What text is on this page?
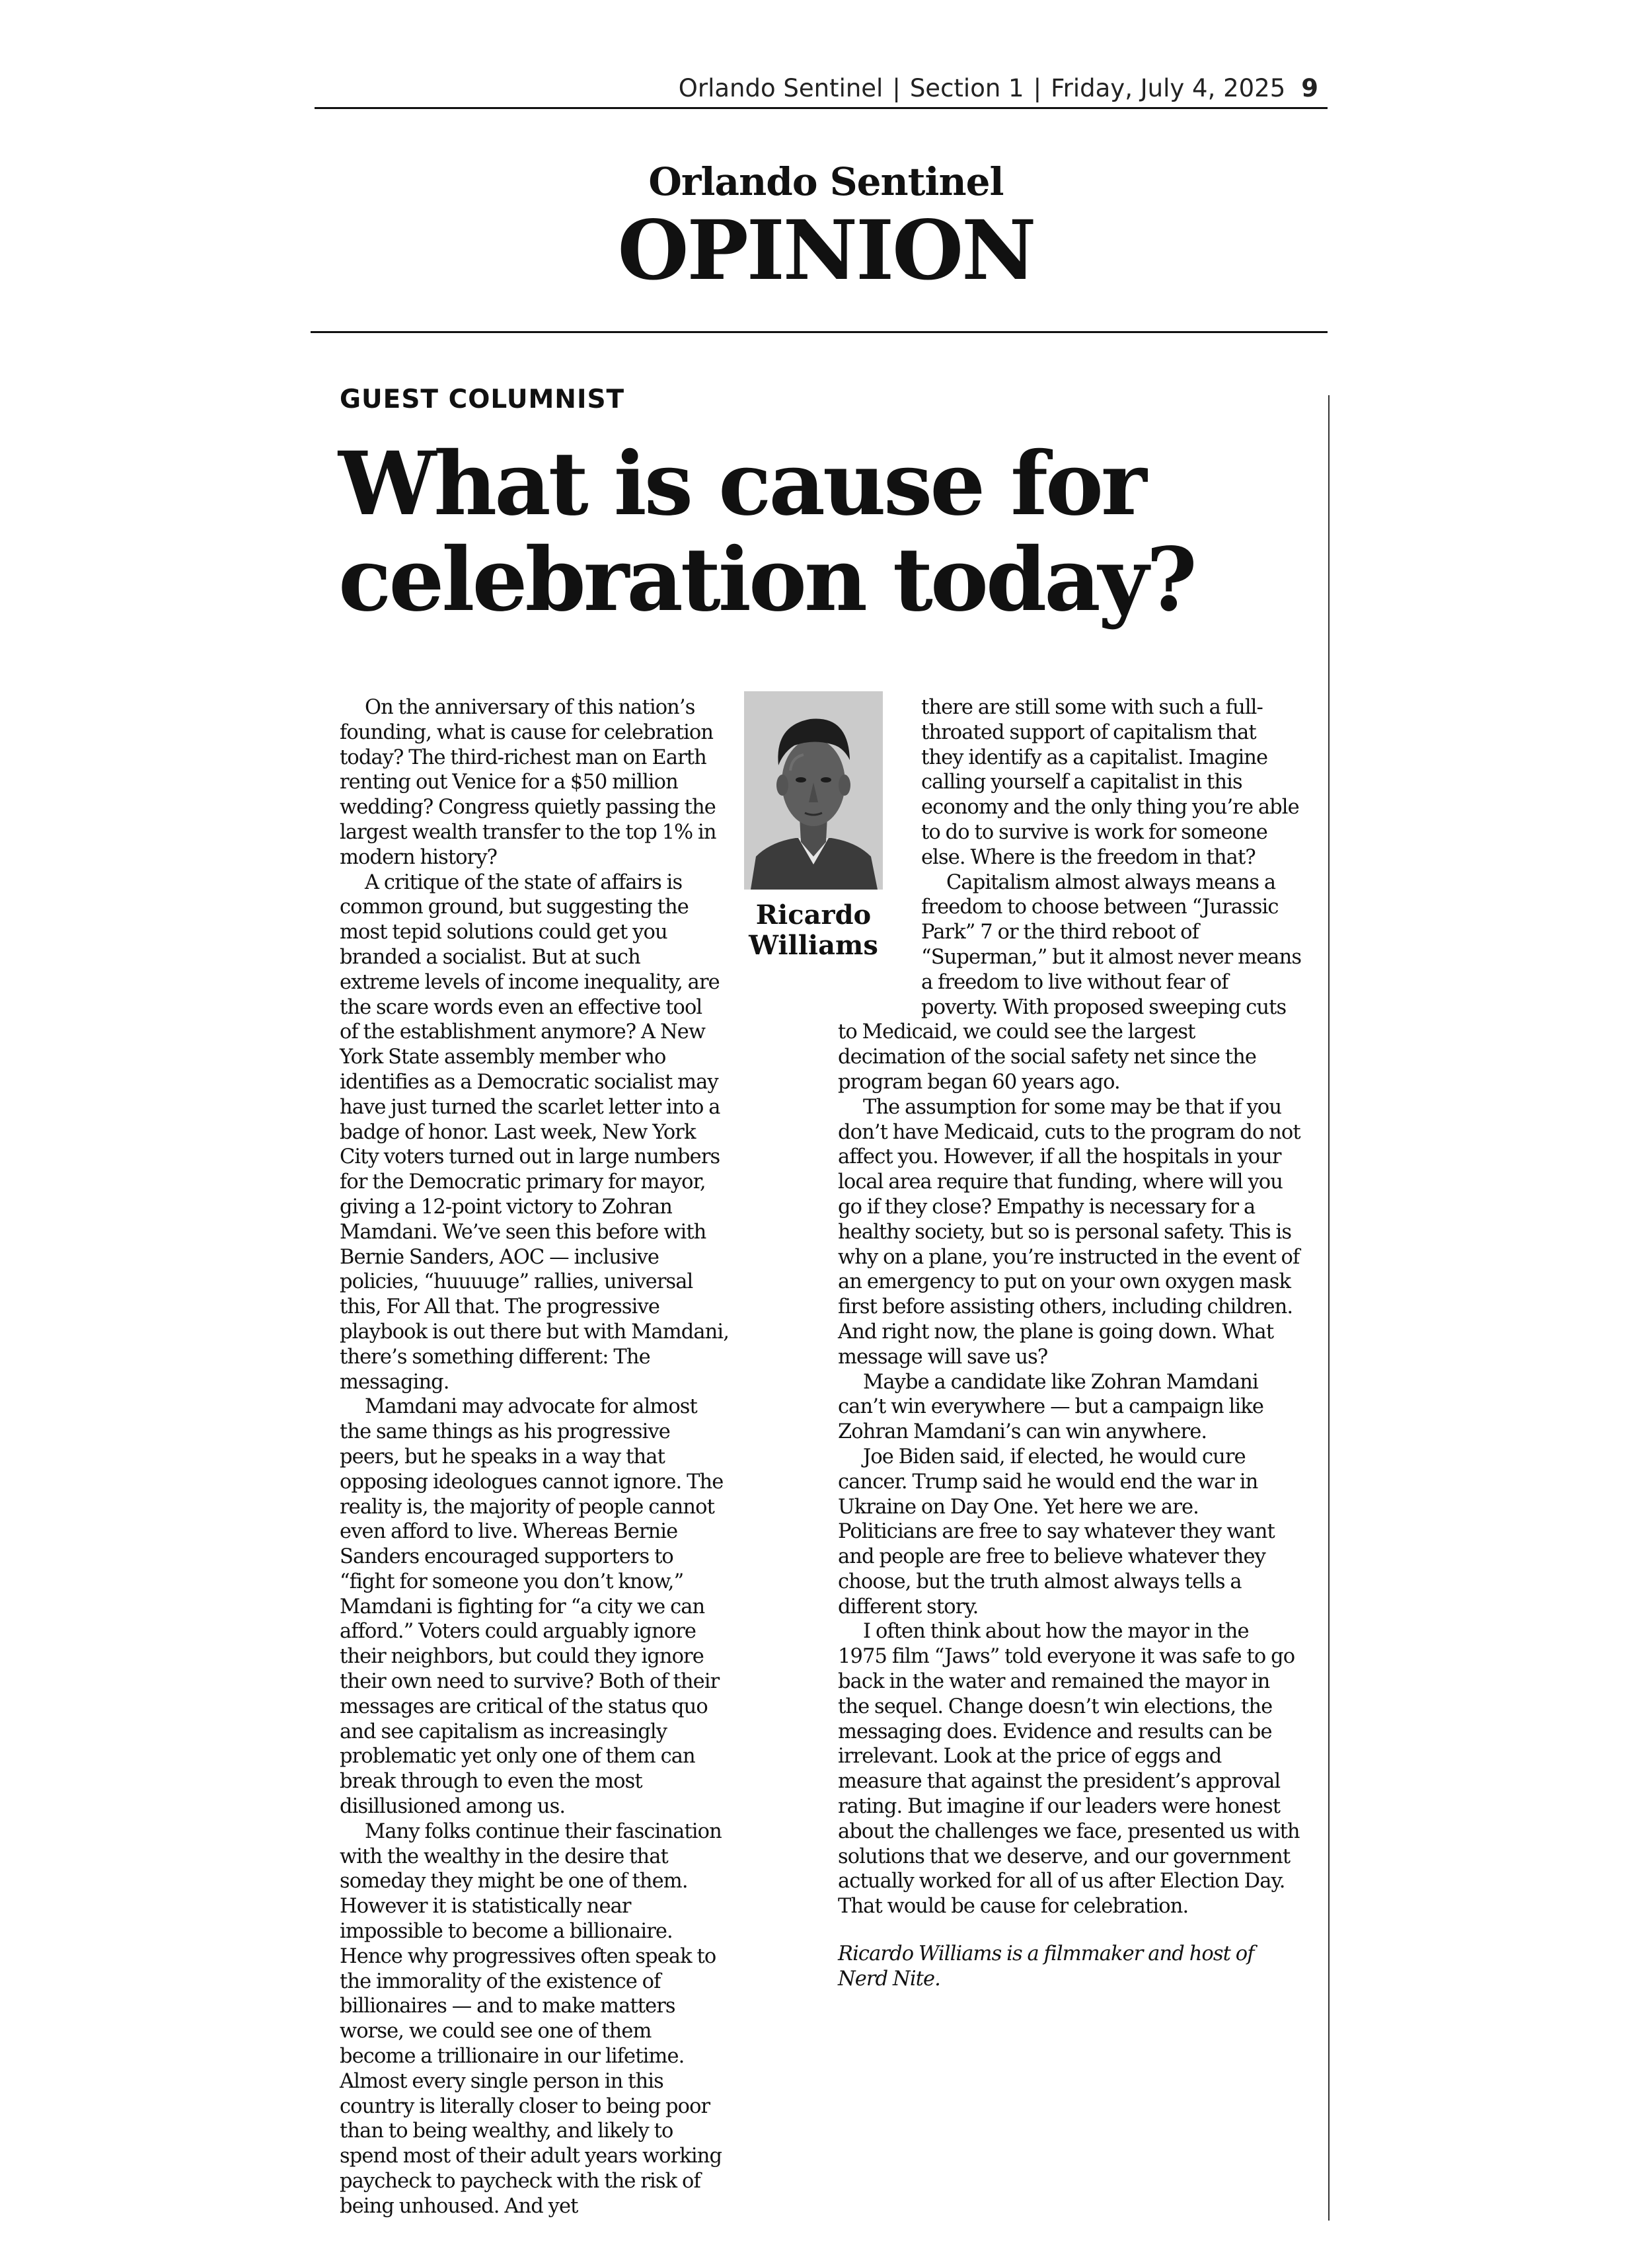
Orlando Sentinel | Section 1 | Friday, July 4, 2025 9
Orlando Sentinel
OPINION
GUEST COLUMNIST
What is cause for celebration today?
Ricardo
Williams

On the anniversary of this nation’s founding, what is cause for celebration today? The third-richest man on Earth renting out Venice for a $50 million wedding? Congress quietly passing the largest wealth transfer to the top 1% in modern history?

A critique of the state of affairs is common ground, but suggesting the most tepid solutions could get you branded a socialist. But at such extreme levels of income inequality, are the scare words even an effective tool of the establishment anymore? A New York State assembly member who identifies as a Democratic socialist may have just turned the scarlet letter into a badge of honor. Last week, New York City voters turned out in large numbers for the Democratic primary for mayor, giving a 12-point victory to Zohran Mamdani. We’ve seen this before with Bernie Sanders, AOC — inclusive policies, “huuuuge” rallies, universal this, For All that. The progressive playbook is out there but with Mamdani, there’s something different: The messaging.

Mamdani may advocate for almost the same things as his progressive peers, but he speaks in a way that opposing ideologues cannot ignore. The reality is, the majority of people cannot even afford to live. Whereas Bernie Sanders encouraged supporters to “fight for someone you don’t know,” Mamdani is fighting for “a city we can afford.” Voters could arguably ignore their neighbors, but could they ignore their own need to survive? Both of their messages are critical of the status quo and see capitalism as increasingly problematic yet only one of them can break through to even the most disillusioned among us.

Many folks continue their fascination with the wealthy in the desire that someday they might be one of them. However it is statistically near impossible to become a billionaire. Hence why progressives often speak to the immorality of the existence of billionaires — and to make matters worse, we could see one of them become a trillionaire in our lifetime. Almost every single person in this country is literally closer to being poor than to being wealthy, and likely to spend most of their adult years working paycheck to paycheck with the risk of being unhoused. And yet

there are still some with such a full-throated support of capitalism that they identify as a capitalist. Imagine calling yourself a capitalist in this economy and the only thing you’re able to do to survive is work for someone else. Where is the freedom in that?

Capitalism almost always means a freedom to choose between “Jurassic Park” 7 or the third reboot of “Superman,” but it almost never means a freedom to live without fear of poverty. With proposed sweeping cuts to Medicaid, we could see the largest decimation of the social safety net since the program began 60 years ago.

The assumption for some may be that if you don’t have Medicaid, cuts to the program do not affect you. However, if all the hospitals in your local area require that funding, where will you go if they close? Empathy is necessary for a healthy society, but so is personal safety. This is why on a plane, you’re instructed in the event of an emergency to put on your own oxygen mask first before assisting others, including children. And right now, the plane is going down. What message will save us?

Maybe a candidate like Zohran Mamdani can’t win everywhere — but a campaign like Zohran Mamdani’s can win anywhere.

Joe Biden said, if elected, he would cure cancer. Trump said he would end the war in Ukraine on Day One. Yet here we are. Politicians are free to say whatever they want and people are free to believe whatever they choose, but the truth almost always tells a different story.

I often think about how the mayor in the 1975 film “Jaws” told everyone it was safe to go back in the water and remained the mayor in the sequel. Change doesn’t win elections, the messaging does. Evidence and results can be irrelevant. Look at the price of eggs and measure that against the president’s approval rating. But imagine if our leaders were honest about the challenges we face, presented us with solutions that we deserve, and our government actually worked for all of us after Election Day. That would be cause for celebration.

Ricardo Williams is a filmmaker and host of Nerd Nite.
